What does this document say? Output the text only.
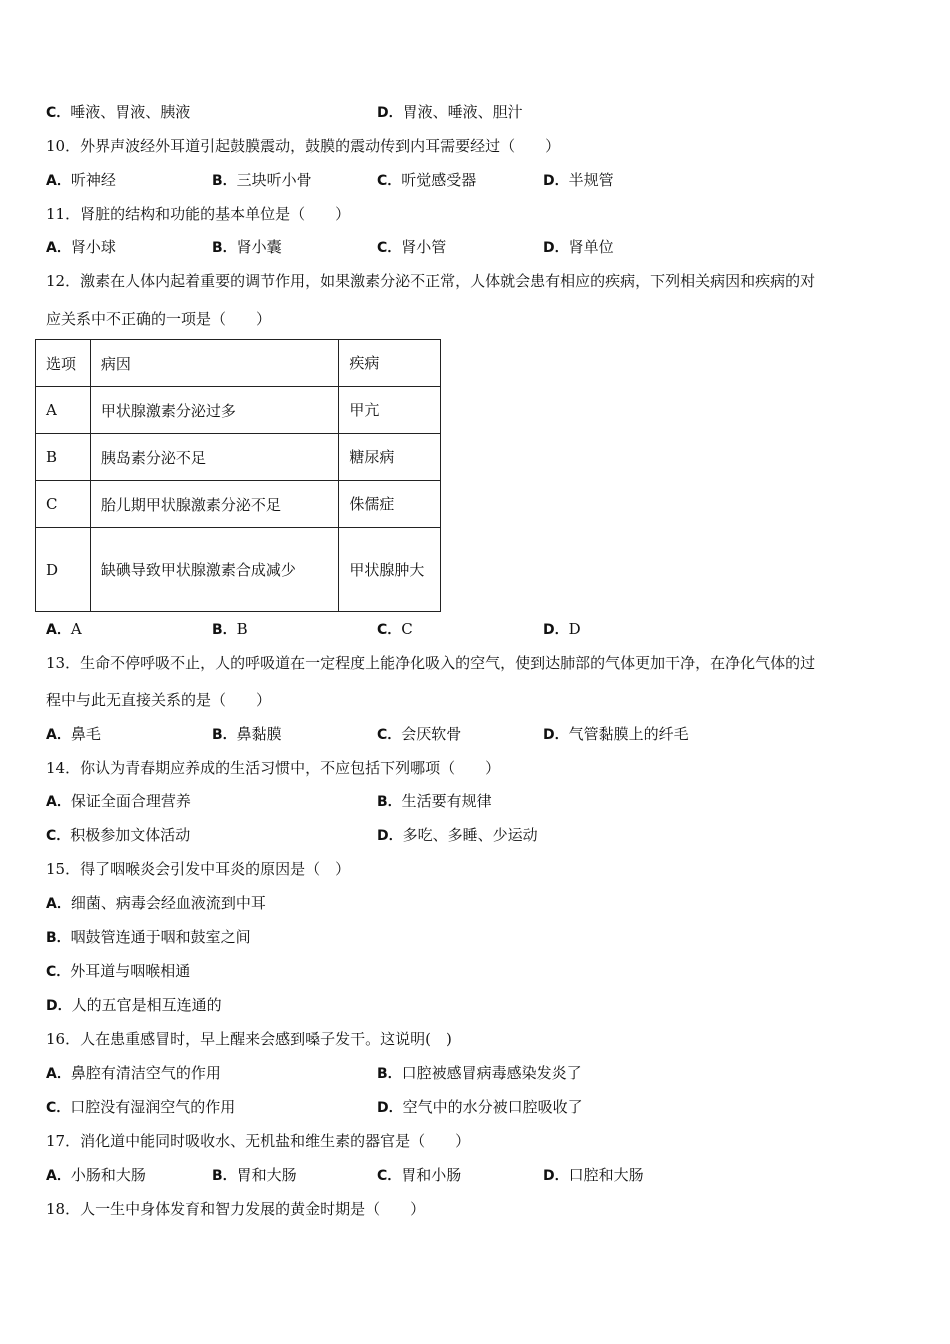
C．唾液、胃液、胰液	D．胃液、唾液、胆汁
10．外界声波经外耳道引起鼓膜震动，鼓膜的震动传到内耳需要经过（　　）
A．听神经	B．三块听小骨	C．听觉感受器	D．半规管
11．肾脏的结构和功能的基本单位是（　　）
A．肾小球	B．肾小囊	C．肾小管	D．肾单位
12．激素在人体内起着重要的调节作用，如果激素分泌不正常，人体就会患有相应的疾病，下列相关病因和疾病的对
应关系中不正确的一项是（　　）
选项	病因	疾病
A	甲状腺激素分泌过多	甲亢
B	胰岛素分泌不足	糖尿病
C	胎儿期甲状腺激素分泌不足	侏儒症
D	缺碘导致甲状腺激素合成减少	甲状腺肿大
A．A	B．B	C．C	D．D
13．生命不停呼吸不止，人的呼吸道在一定程度上能净化吸入的空气，使到达肺部的气体更加干净，在净化气体的过
程中与此无直接关系的是（　　）
A．鼻毛	B．鼻黏膜	C．会厌软骨	D．气管黏膜上的纤毛
14．你认为青春期应养成的生活习惯中，不应包括下列哪项（　　）
A．保证全面合理营养	B．生活要有规律
C．积极参加文体活动	D．多吃、多睡、少运动
15．得了咽喉炎会引发中耳炎的原因是（　）
A．细菌、病毒会经血液流到中耳
B．咽鼓管连通于咽和鼓室之间
C．外耳道与咽喉相通
D．人的五官是相互连通的
16．人在患重感冒时，早上醒来会感到嗓子发干。这说明(　)
A．鼻腔有清洁空气的作用	B．口腔被感冒病毒感染发炎了
C．口腔没有湿润空气的作用	D．空气中的水分被口腔吸收了
17．消化道中能同时吸收水、无机盐和维生素的器官是（　　）
A．小肠和大肠	B．胃和大肠	C．胃和小肠	D．口腔和大肠
18．人一生中身体发育和智力发展的黄金时期是（　　）
